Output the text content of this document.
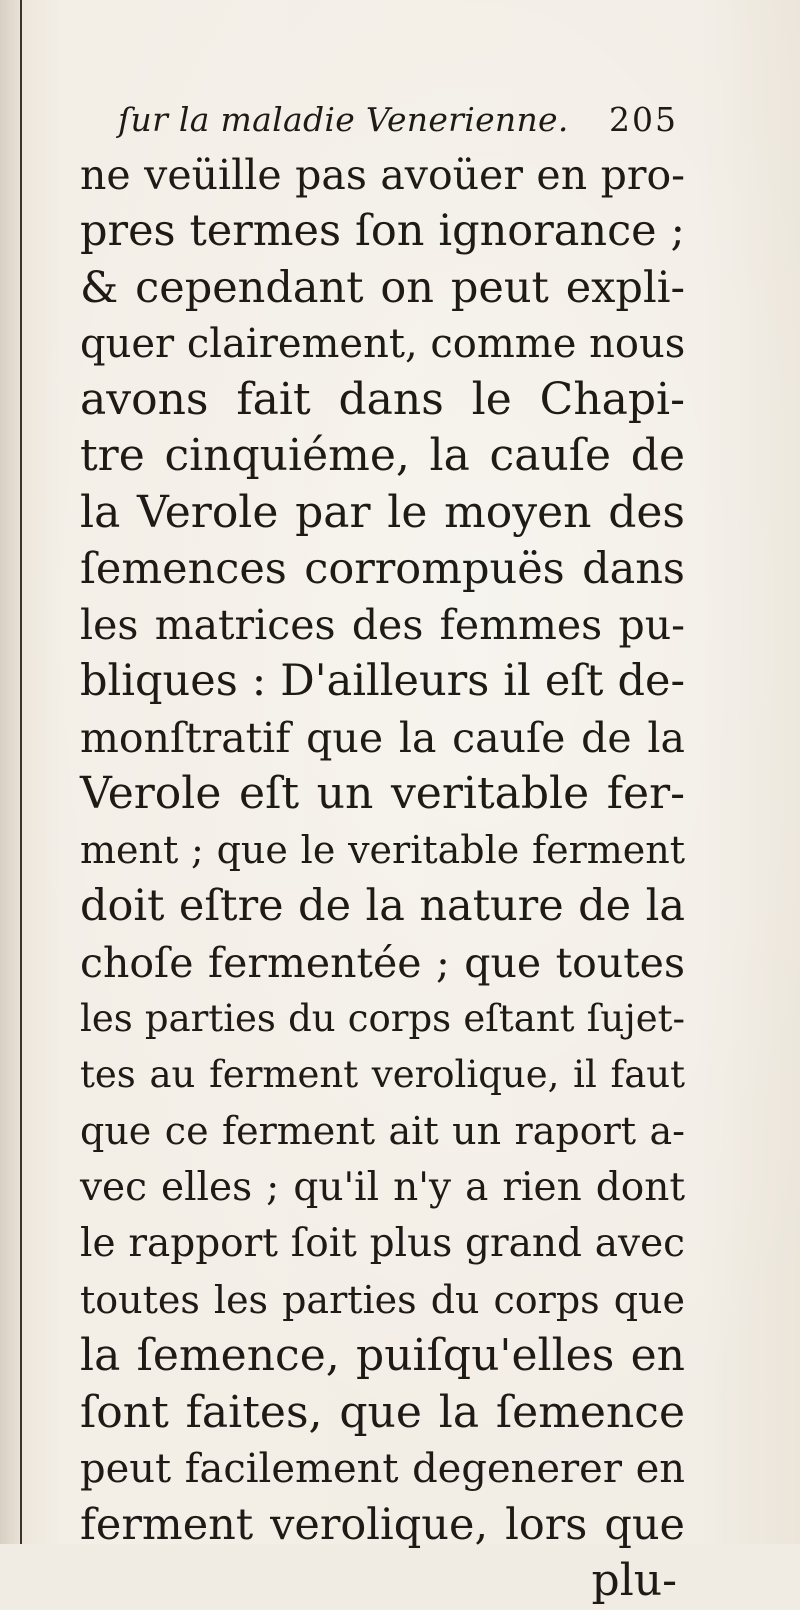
ſur la maladie Venerienne. 205
ne veüille pas avoüer en pro-
pres termes ſon ignorance ;
& cependant on peut expli-
quer clairement, comme nous
avons fait dans le Chapi-
tre cinquiéme, la cauſe de
la Verole par le moyen des
ſemences corrompuës dans
les matrices des femmes pu-
bliques : D'ailleurs il eſt de-
monſtratif que la cauſe de la
Verole eſt un veritable fer-
ment ; que le veritable ferment
doit eſtre de la nature de la
choſe fermentée ; que toutes
les parties du corps eſtant ſujet-
tes au ferment verolique, il faut
que ce ferment ait un raport a-
vec elles ; qu'il n'y a rien dont
le rapport ſoit plus grand avec
toutes les parties du corps que
la ſemence, puiſqu'elles en
ſont faites, que la ſemence
peut facilement degenerer en
ferment verolique, lors que
plu-
